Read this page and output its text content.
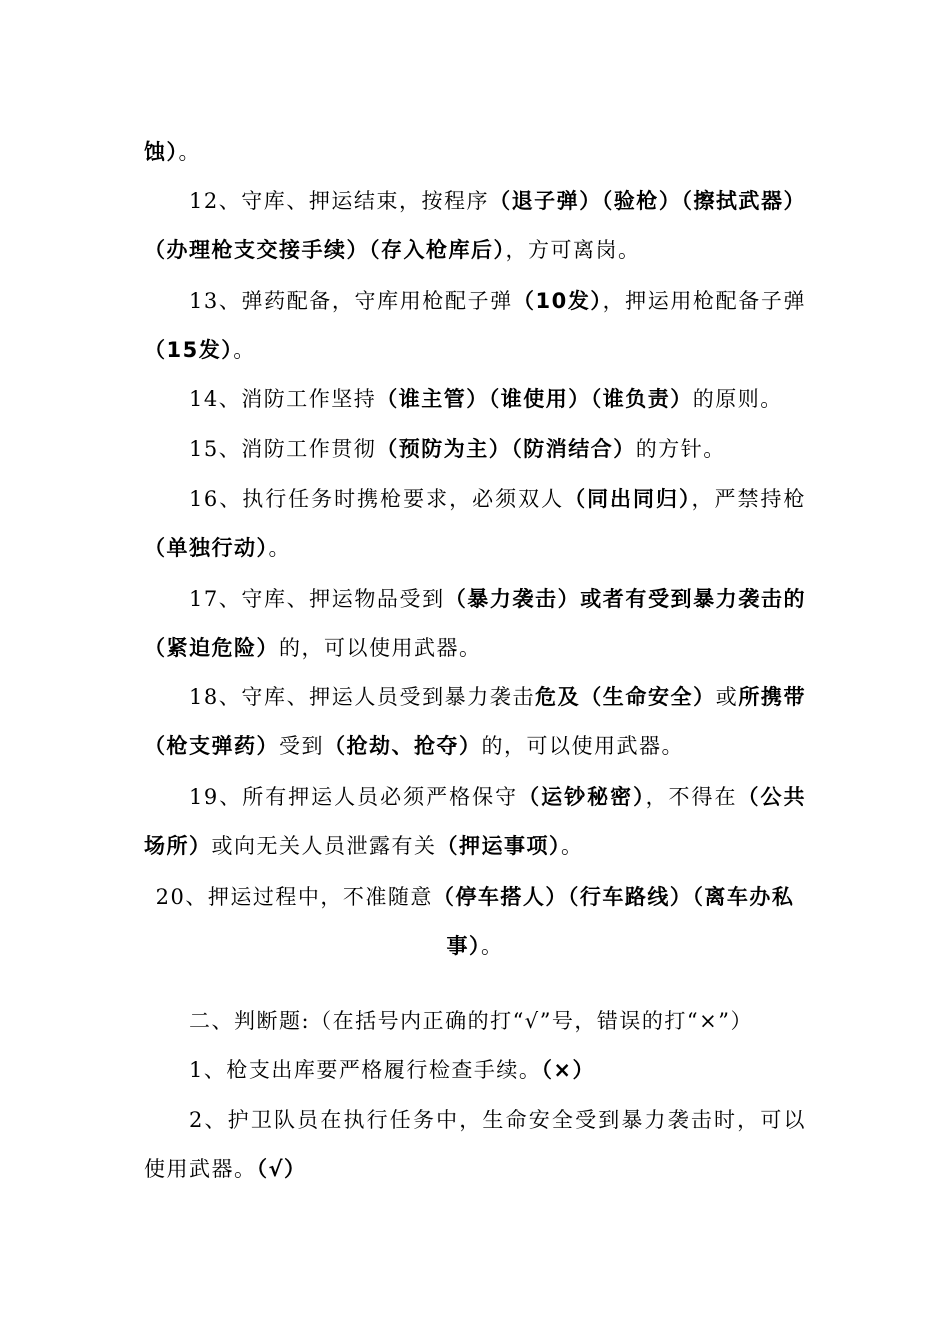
蚀）。

12、守库、押运结束，按程序（退子弹）（验枪）（擦拭武器）（办理枪支交接手续）（存入枪库后），方可离岗。

13、弹药配备，守库用枪配子弹（10发），押运用枪配备子弹（15发）。

14、消防工作坚持（谁主管）（谁使用）（谁负责）的原则。

15、消防工作贯彻（预防为主）（防消结合）的方针。

16、执行任务时携枪要求，必须双人（同出同归），严禁持枪（单独行动）。

17、守库、押运物品受到（暴力袭击）或者有受到暴力袭击的（紧迫危险）的，可以使用武器。

18、守库、押运人员受到暴力袭击危及（生命安全）或所携带（枪支弹药）受到（抢劫、抢夺）的，可以使用武器。

19、所有押运人员必须严格保守（运钞秘密），不得在（公共场所）或向无关人员泄露有关（押运事项）。

20、押运过程中，不准随意（停车搭人）（行车路线）（离车办私事）。

二、判断题:（在括号内正确的打“√”号，错误的打“×”）

1、枪支出库要严格履行检查手续。（×）

2、护卫队员在执行任务中，生命安全受到暴力袭击时，可以使用武器。（√）
